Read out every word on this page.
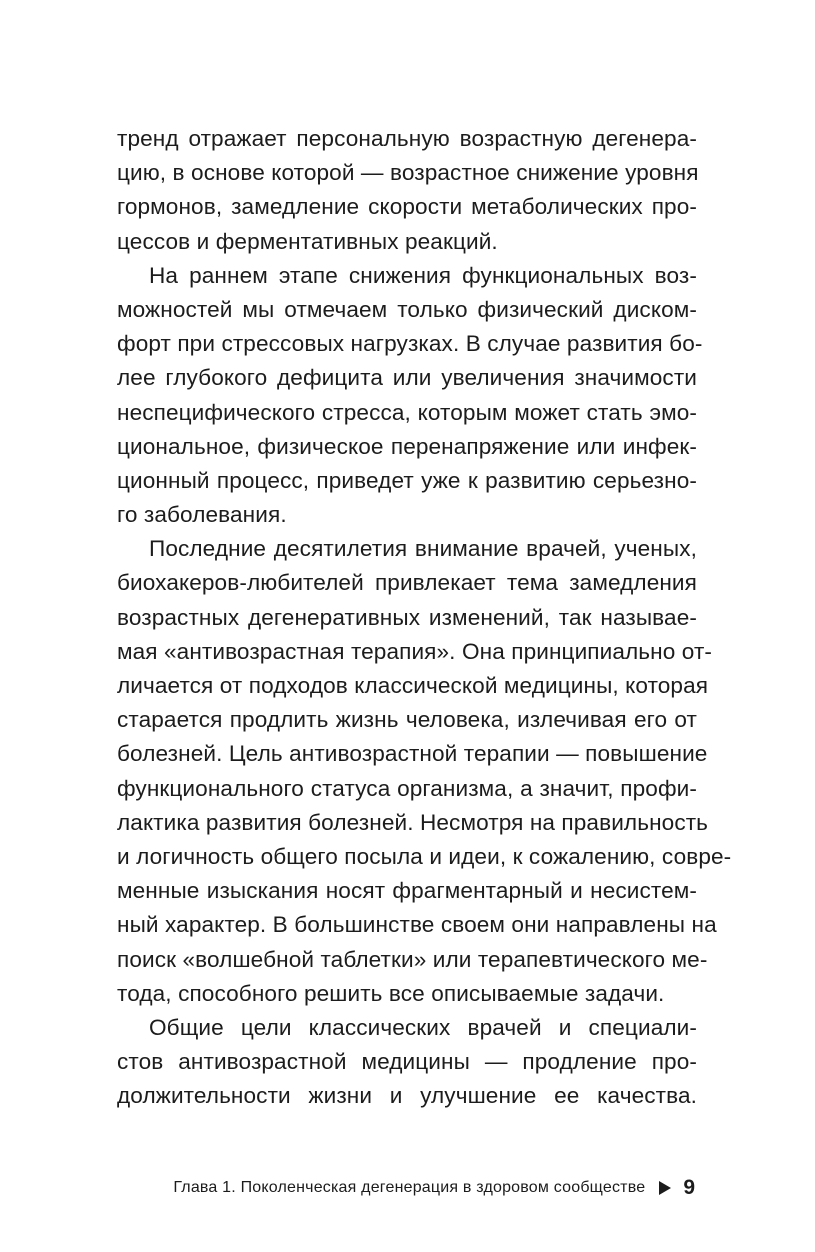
тренд отражает персональную возрастную дегенера-
цию, в основе которой — возрастное снижение уровня
гормонов, замедление скорости метаболических про-
цессов и ферментативных реакций.
На раннем этапе снижения функциональных воз-
можностей мы отмечаем только физический диском-
форт при стрессовых нагрузках. В случае развития бо-
лее глубокого дефицита или увеличения значимости
неспецифического стресса, которым может стать эмо-
циональное, физическое перенапряжение или инфек-
ционный процесс, приведет уже к развитию серьезно-
го заболевания.
Последние десятилетия внимание врачей, ученых,
биохакеров-любителей привлекает тема замедления
возрастных дегенеративных изменений, так называе-
мая «антивозрастная терапия». Она принципиально от-
личается от подходов классической медицины, которая
старается продлить жизнь человека, излечивая его от
болезней. Цель антивозрастной терапии — повышение
функционального статуса организма, а значит, профи-
лактика развития болезней. Несмотря на правильность
и логичность общего посыла и идеи, к сожалению, совре-
менные изыскания носят фрагментарный и несистем-
ный характер. В большинстве своем они направлены на
поиск «волшебной таблетки» или терапевтического ме-
тода, способного решить все описываемые задачи.
Общие цели классических врачей и специали-
стов антивозрастной медицины — продление про-
должительности жизни и улучшение ее качества.
Глава 1. Поколенческая дегенерация в здоровом сообществе 9
